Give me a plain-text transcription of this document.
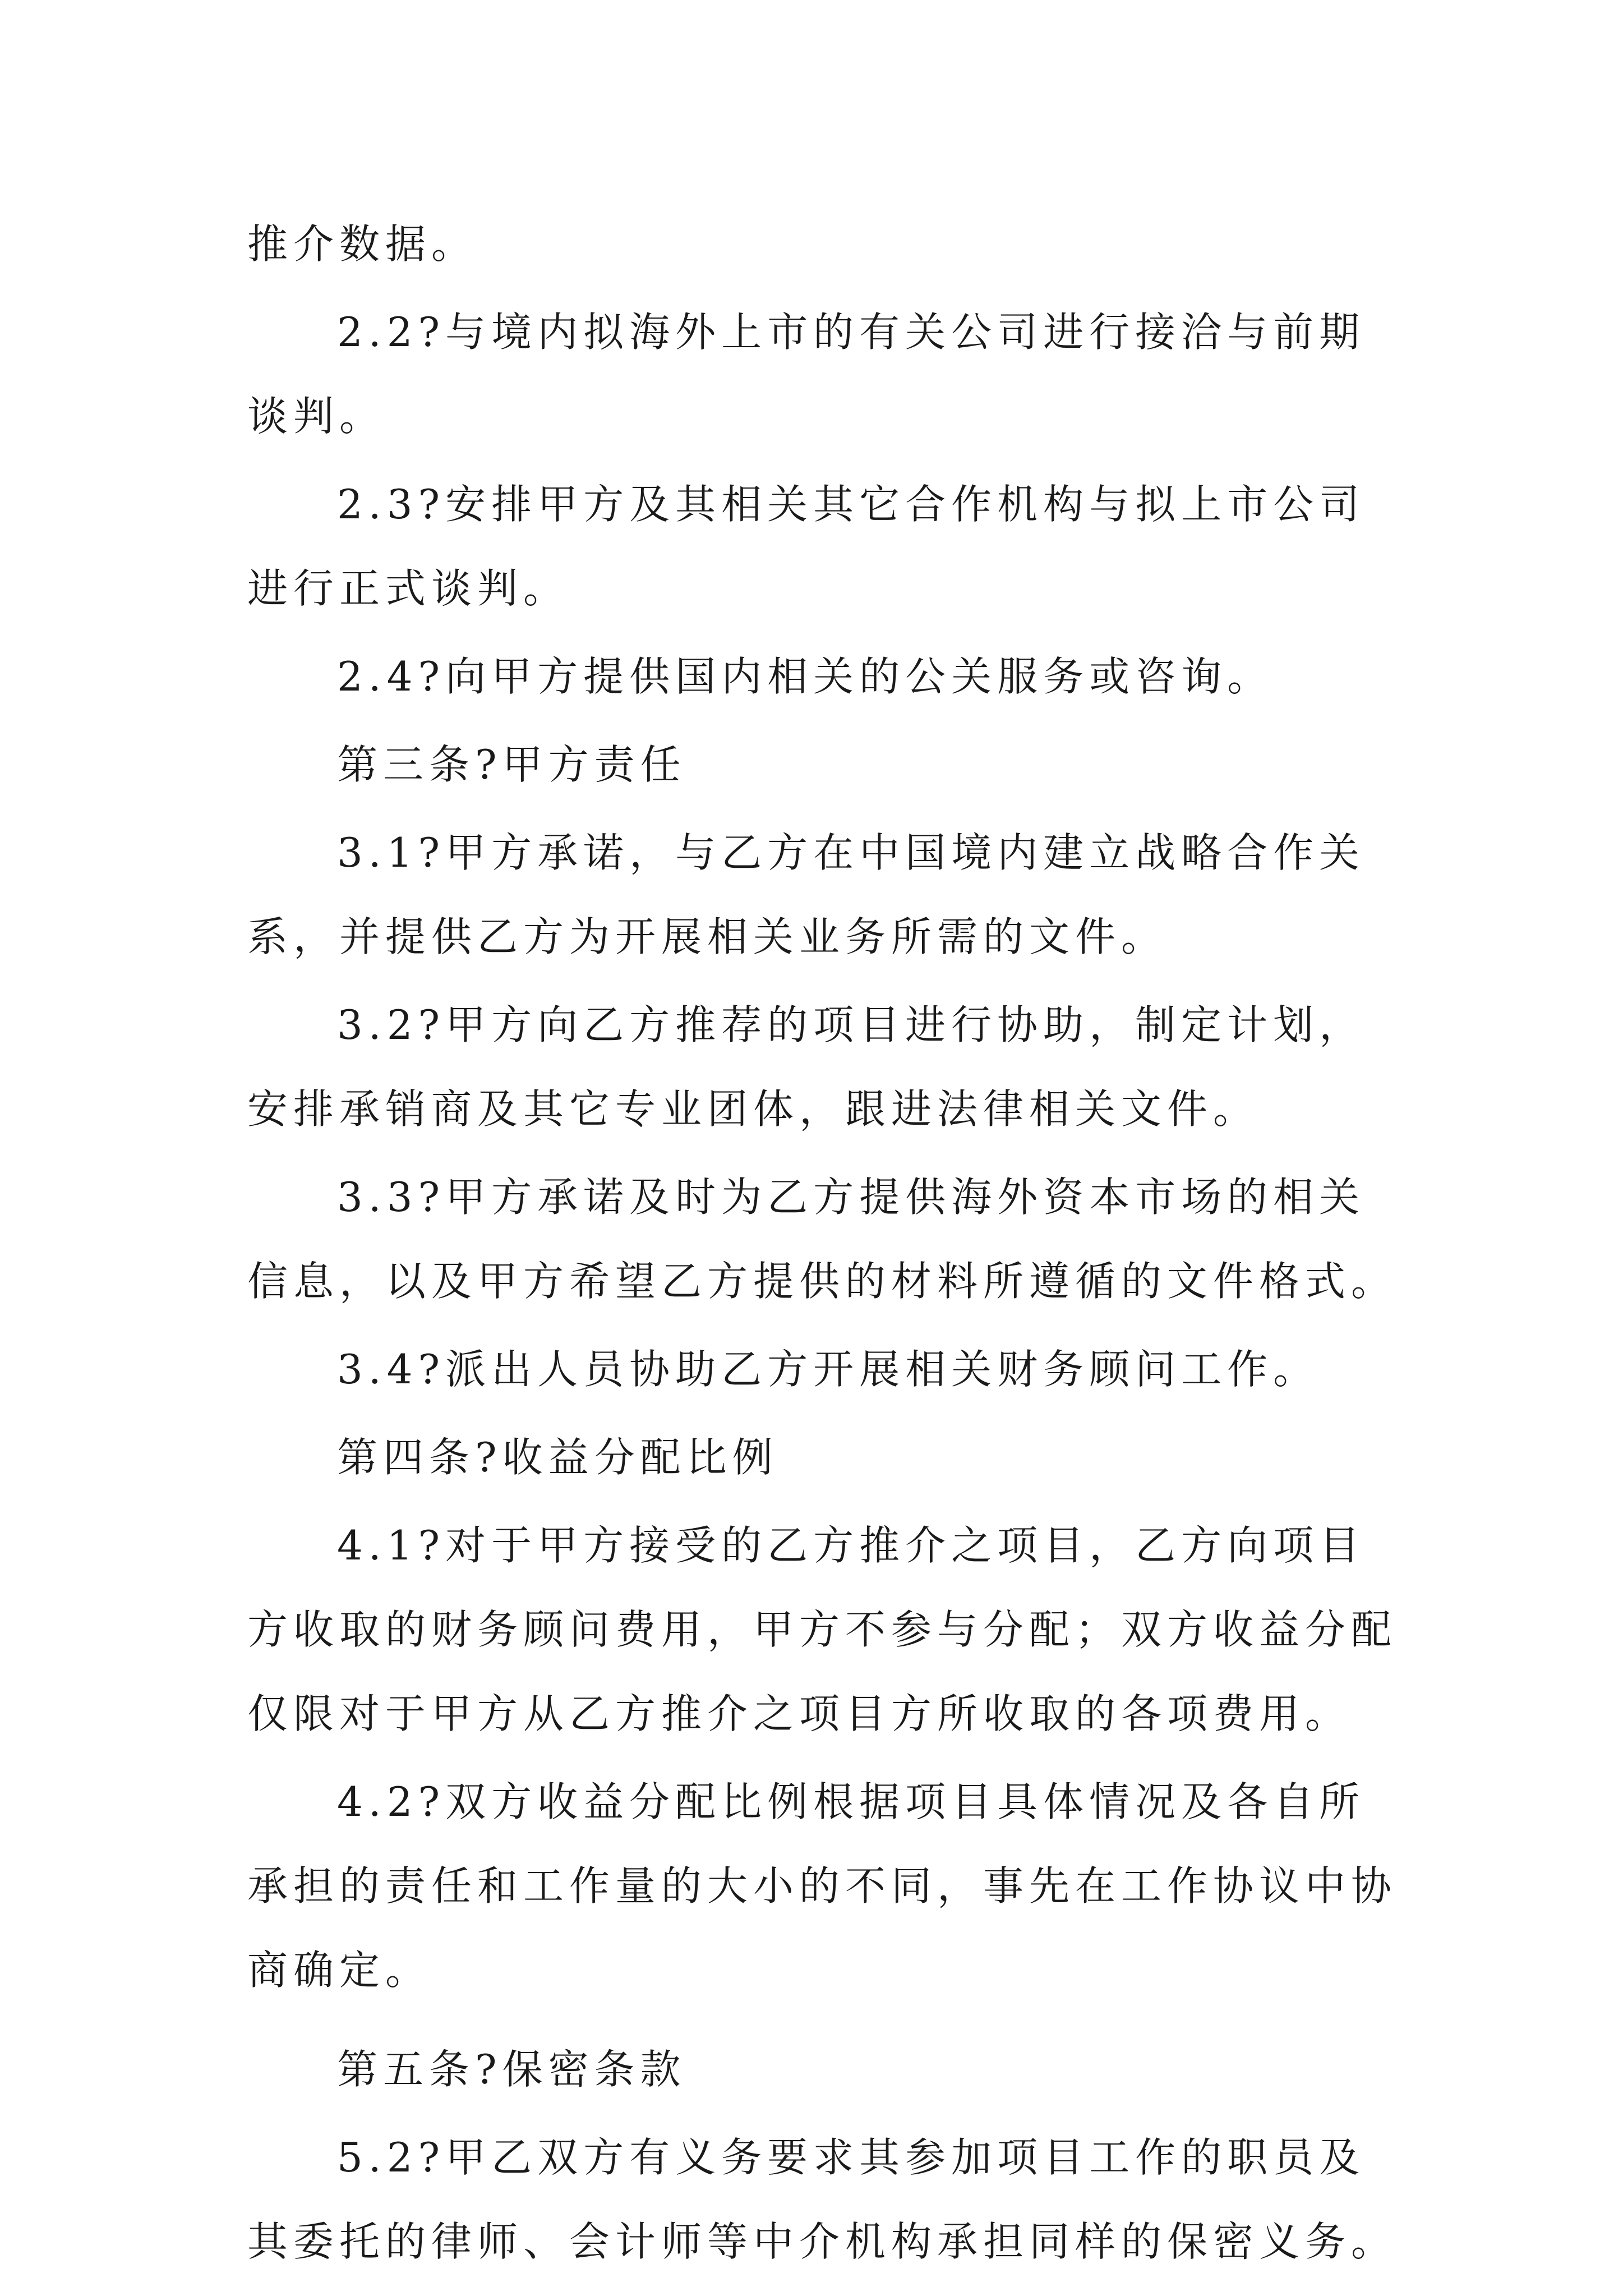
推介数据。

2.2?与境内拟海外上市的有关公司进行接洽与前期谈判。

2.3?安排甲方及其相关其它合作机构与拟上市公司进行正式谈判。

2.4?向甲方提供国内相关的公关服务或咨询。

第三条?甲方责任

3.1?甲方承诺，与乙方在中国境内建立战略合作关系，并提供乙方为开展相关业务所需的文件。

3.2?甲方向乙方推荐的项目进行协助，制定计划，安排承销商及其它专业团体，跟进法律相关文件。

3.3?甲方承诺及时为乙方提供海外资本市场的相关信息，以及甲方希望乙方提供的材料所遵循的文件格式。

3.4?派出人员协助乙方开展相关财务顾问工作。

第四条?收益分配比例

4.1?对于甲方接受的乙方推介之项目，乙方向项目方收取的财务顾问费用，甲方不参与分配；双方收益分配仅限对于甲方从乙方推介之项目方所收取的各项费用。

4.2?双方收益分配比例根据项目具体情况及各自所承担的责任和工作量的大小的不同，事先在工作协议中协商确定。

第五条?保密条款

5.2?甲乙双方有义务要求其参加项目工作的职员及其委托的律师、会计师等中介机构承担同样的保密义务。
